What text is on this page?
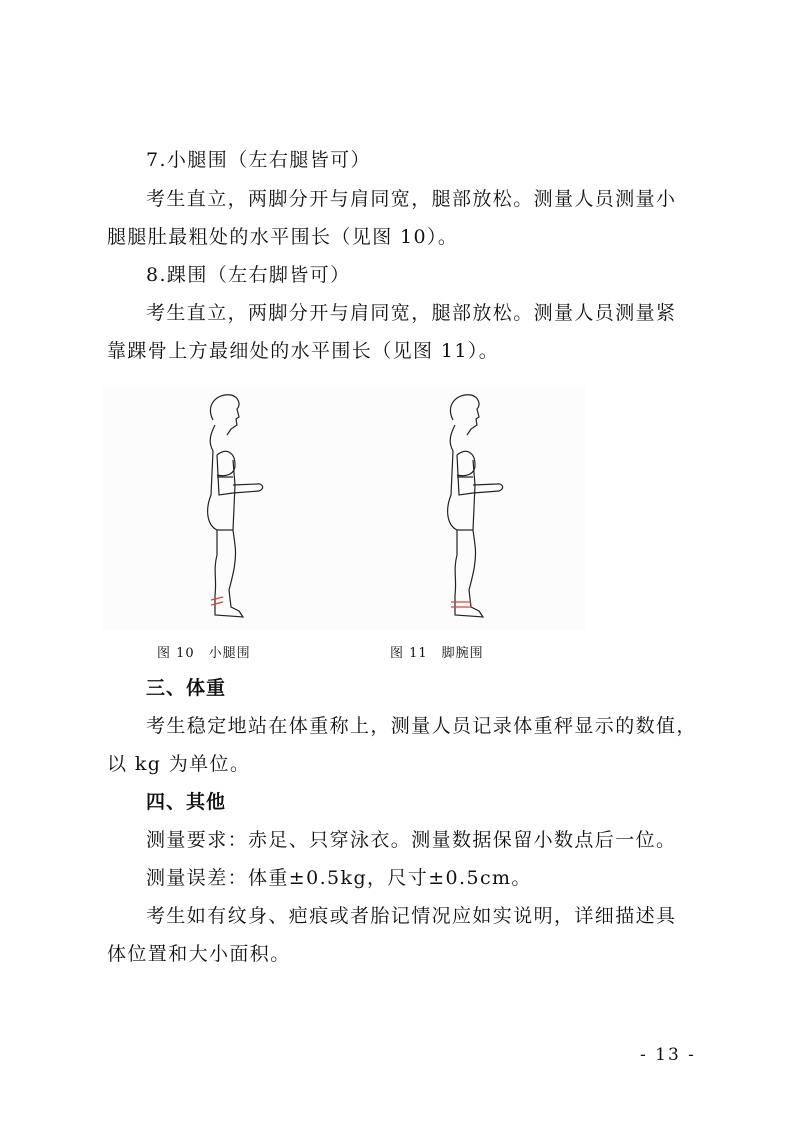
7.小腿围（左右腿皆可）
考生直立，两脚分开与肩同宽，腿部放松。测量人员测量小
腿腿肚最粗处的水平围长（见图 10）。
8.踝围（左右脚皆可）
考生直立，两脚分开与肩同宽，腿部放松。测量人员测量紧
靠踝骨上方最细处的水平围长（见图 11）。
图 10　小腿围	图 11　脚腕围
三、体重
考生稳定地站在体重称上，测量人员记录体重秤显示的数值，
以 kg 为单位。
四、其他
测量要求：赤足、只穿泳衣。测量数据保留小数点后一位。
测量误差：体重±0.5kg，尺寸±0.5cm。
考生如有纹身、疤痕或者胎记情况应如实说明，详细描述具
体位置和大小面积。
- 13 -
